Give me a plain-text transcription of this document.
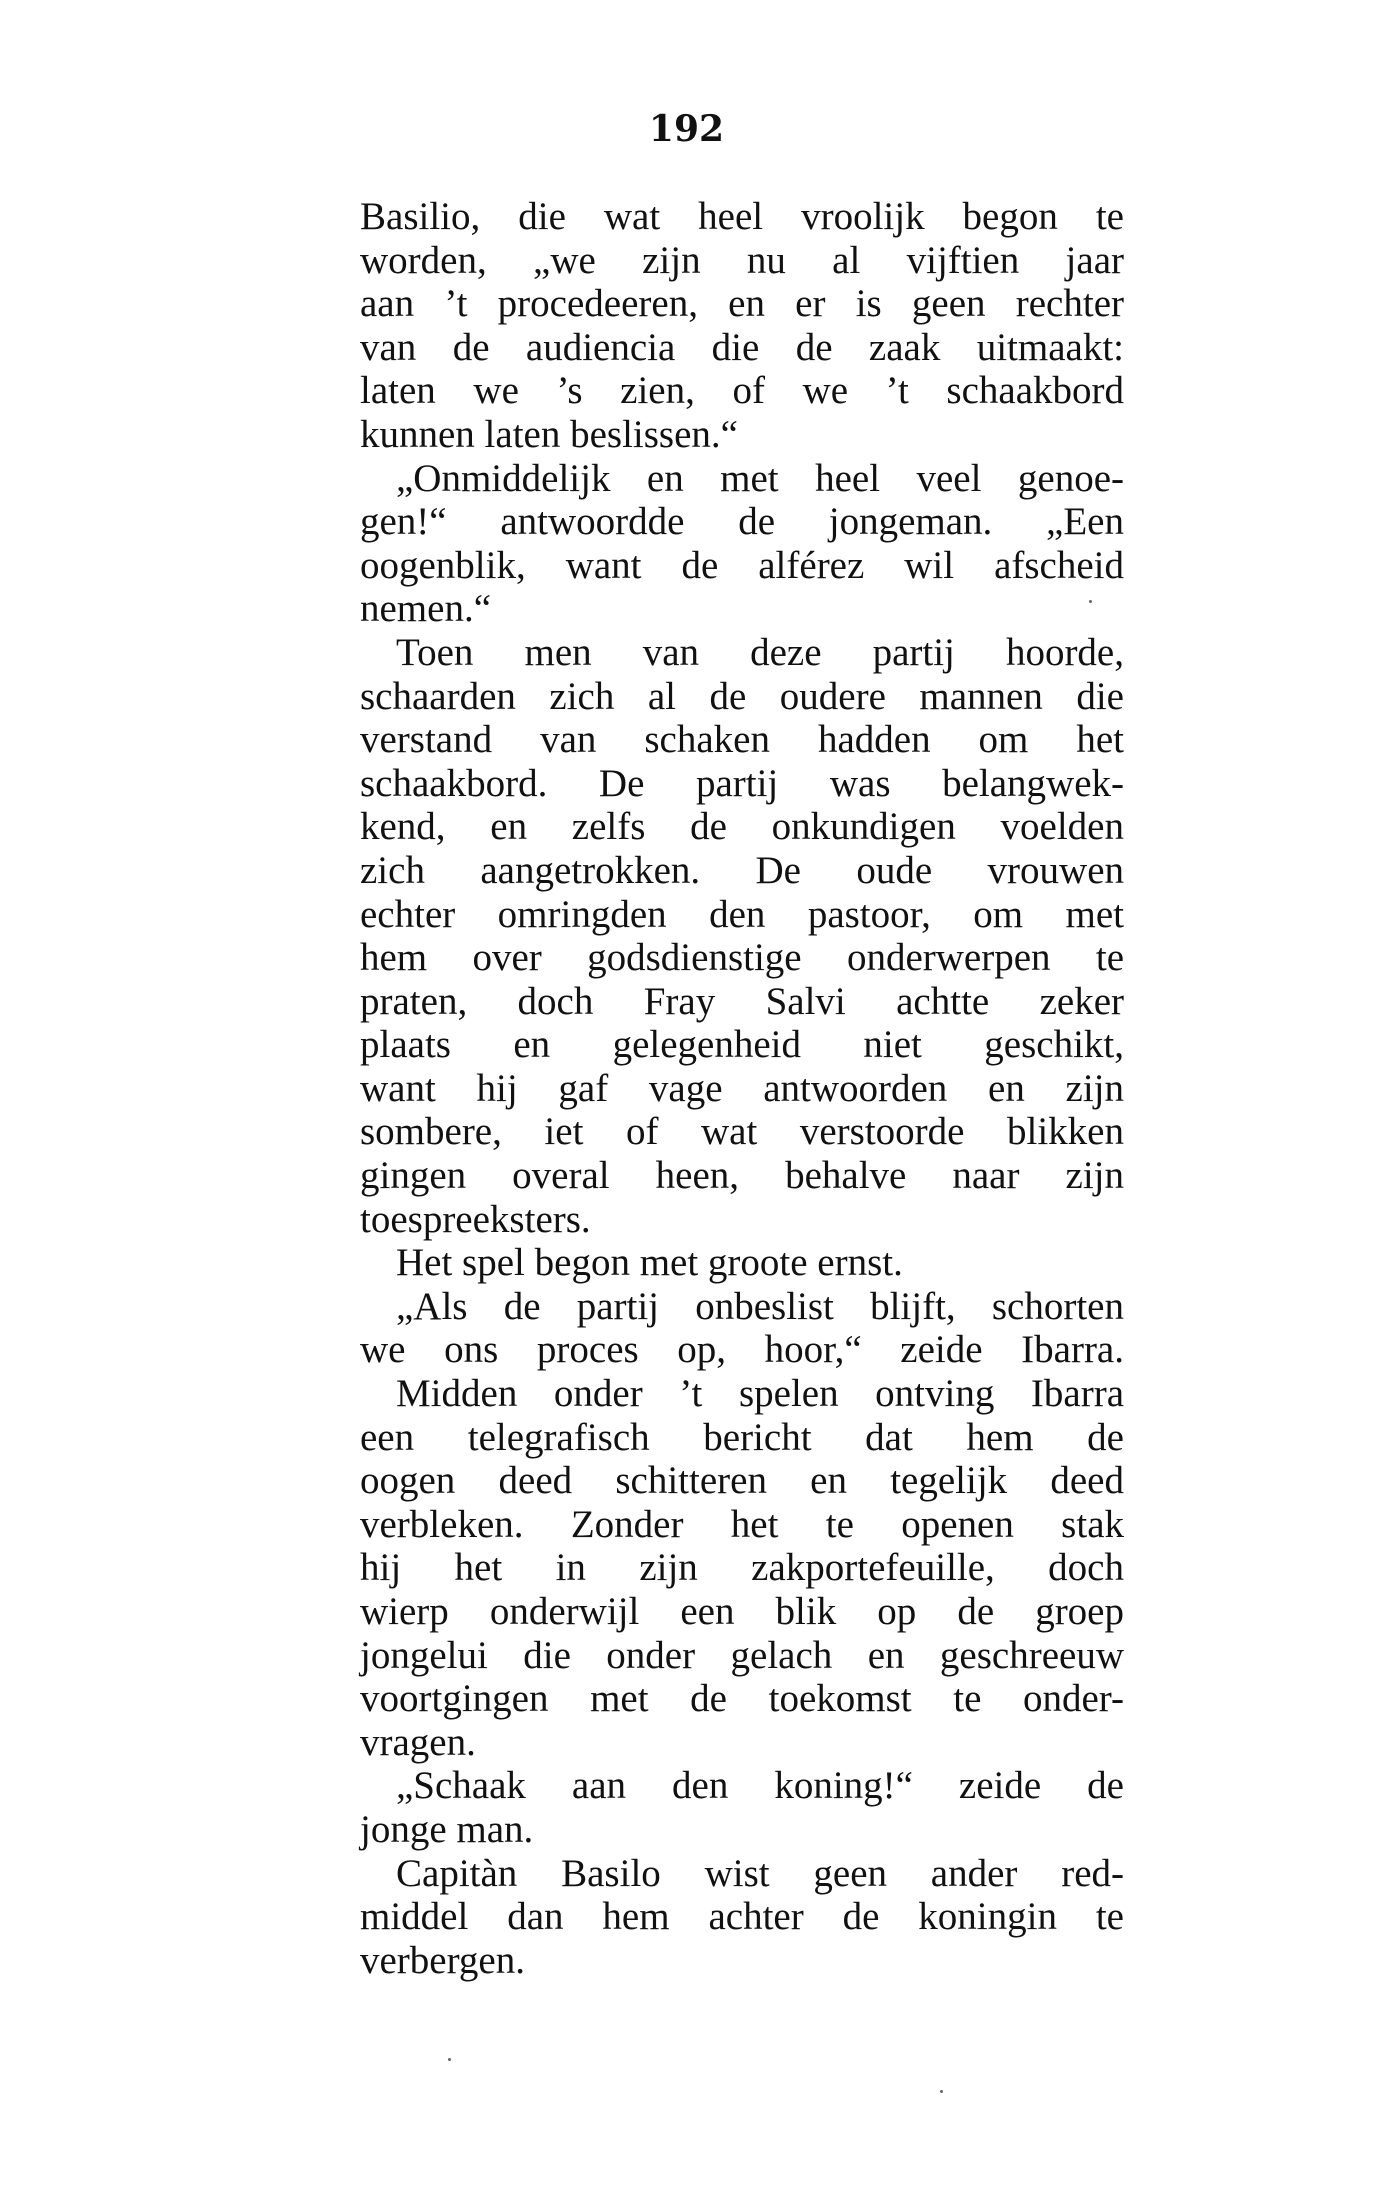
192
Basilio, die wat heel vroolijk begon te
worden, „we zijn nu al vijftien jaar
aan ’t procedeeren, en er is geen rechter
van de audiencia die de zaak uitmaakt:
laten we ’s zien, of we ’t schaakbord
kunnen laten beslissen.“
„Onmiddelijk en met heel veel genoe-
gen!“ antwoordde de jongeman. „Een
oogenblik, want de alférez wil afscheid
nemen.“
Toen men van deze partij hoorde,
schaarden zich al de oudere mannen die
verstand van schaken hadden om het
schaakbord. De partij was belangwek-
kend, en zelfs de onkundigen voelden
zich aangetrokken. De oude vrouwen
echter omringden den pastoor, om met
hem over godsdienstige onderwerpen te
praten, doch Fray Salvi achtte zeker
plaats en gelegenheid niet geschikt,
want hij gaf vage antwoorden en zijn
sombere, iet of wat verstoorde blikken
gingen overal heen, behalve naar zijn
toespreeksters.
Het spel begon met groote ernst.
„Als de partij onbeslist blijft, schorten
we ons proces op, hoor,“ zeide Ibarra.
Midden onder ’t spelen ontving Ibarra
een telegrafisch bericht dat hem de
oogen deed schitteren en tegelijk deed
verbleken. Zonder het te openen stak
hij het in zijn zakportefeuille, doch
wierp onderwijl een blik op de groep
jongelui die onder gelach en geschreeuw
voortgingen met de toekomst te onder-
vragen.
„Schaak aan den koning!“ zeide de
jonge man.
Capitàn Basilo wist geen ander red-
middel dan hem achter de koningin te
verbergen.
